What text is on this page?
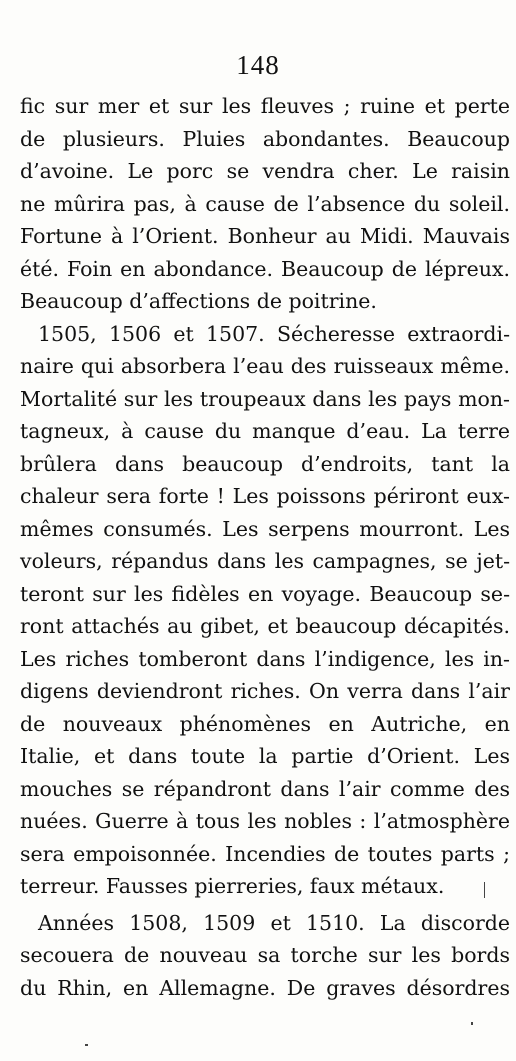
148
fic sur mer et sur les fleuves ; ruine et perte
de plusieurs. Pluies abondantes. Beaucoup
d’avoine. Le porc se vendra cher. Le raisin
ne mûrira pas, à cause de l’absence du soleil.
Fortune à l’Orient. Bonheur au Midi. Mauvais
été. Foin en abondance. Beaucoup de lépreux.
Beaucoup d’affections de poitrine.
1505, 1506 et 1507. Sécheresse extraordi-
naire qui absorbera l’eau des ruisseaux même.
Mortalité sur les troupeaux dans les pays mon-
tagneux, à cause du manque d’eau. La terre
brûlera dans beaucoup d’endroits, tant la
chaleur sera forte ! Les poissons périront eux-
mêmes consumés. Les serpens mourront. Les
voleurs, répandus dans les campagnes, se jet-
teront sur les fidèles en voyage. Beaucoup se-
ront attachés au gibet, et beaucoup décapités.
Les riches tomberont dans l’indigence, les in-
digens deviendront riches. On verra dans l’air
de nouveaux phénomènes en Autriche, en
Italie, et dans toute la partie d’Orient. Les
mouches se répandront dans l’air comme des
nuées. Guerre à tous les nobles : l’atmosphère
sera empoisonnée. Incendies de toutes parts ;
terreur. Fausses pierreries, faux métaux.
Années 1508, 1509 et 1510. La discorde
secouera de nouveau sa torche sur les bords
du Rhin, en Allemagne. De graves désordres
